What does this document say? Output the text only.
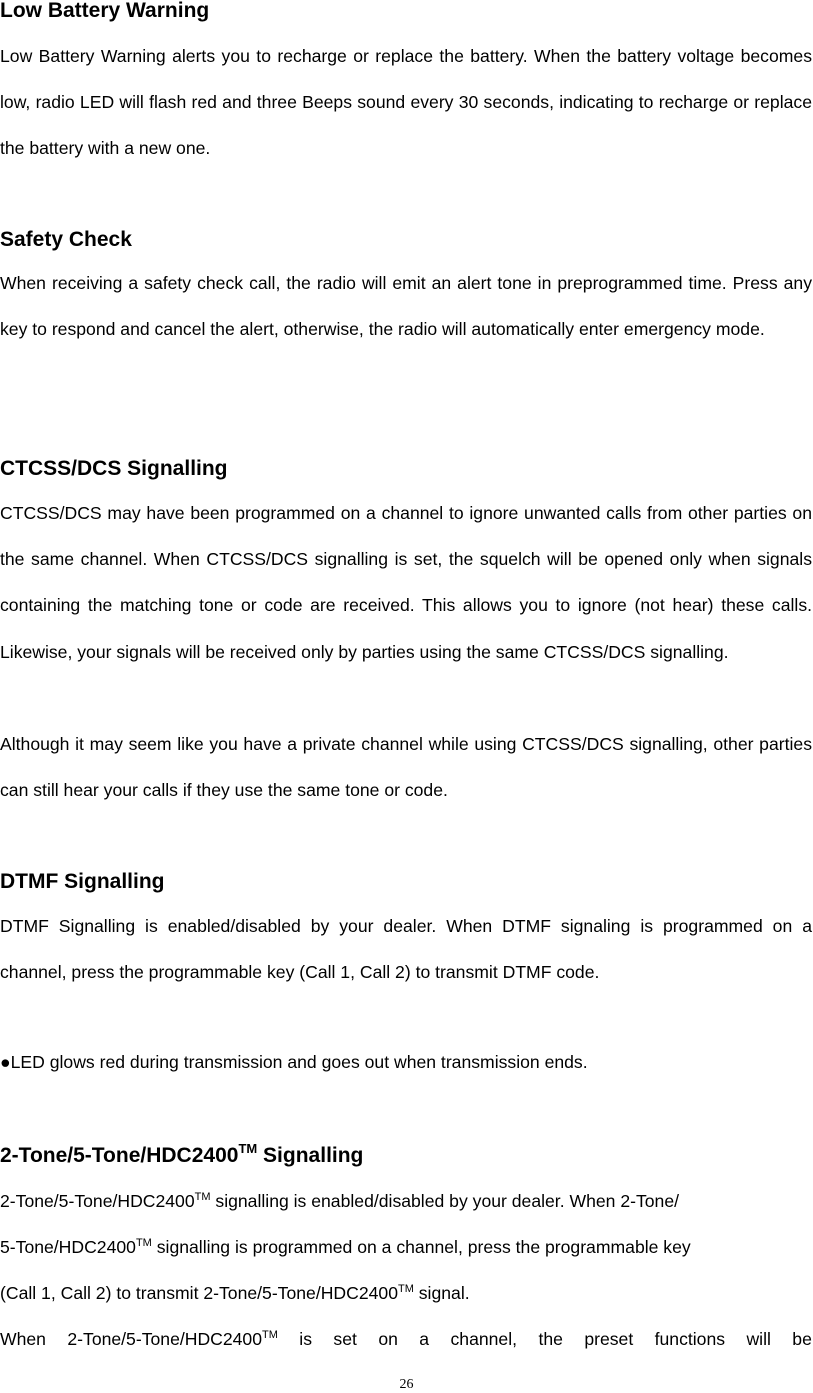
Low Battery Warning

Low Battery Warning alerts you to recharge or replace the battery. When the battery voltage becomes low, radio LED will flash red and three Beeps sound every 30 seconds, indicating to recharge or replace the battery with a new one.

Safety Check

When receiving a safety check call, the radio will emit an alert tone in preprogrammed time. Press any key to respond and cancel the alert, otherwise, the radio will automatically enter emergency mode.

CTCSS/DCS Signalling

CTCSS/DCS may have been programmed on a channel to ignore unwanted calls from other parties on the same channel. When CTCSS/DCS signalling is set, the squelch will be opened only when signals containing the matching tone or code are received. This allows you to ignore (not hear) these calls. Likewise, your signals will be received only by parties using the same CTCSS/DCS signalling.

Although it may seem like you have a private channel while using CTCSS/DCS signalling, other parties can still hear your calls if they use the same tone or code.

DTMF Signalling

DTMF Signalling is enabled/disabled by your dealer. When DTMF signaling is programmed on a channel, press the programmable key (Call 1, Call 2) to transmit DTMF code.

●LED glows red during transmission and goes out when transmission ends.

2-Tone/5-Tone/HDC2400™ Signalling

2-Tone/5-Tone/HDC2400™ signalling is enabled/disabled by your dealer. When 2-Tone/

5-Tone/HDC2400™ signalling is programmed on a channel, press the programmable key

(Call 1, Call 2) to transmit 2-Tone/5-Tone/HDC2400™ signal.

When 2-Tone/5-Tone/HDC2400™ is set on a channel, the preset functions will be
26
